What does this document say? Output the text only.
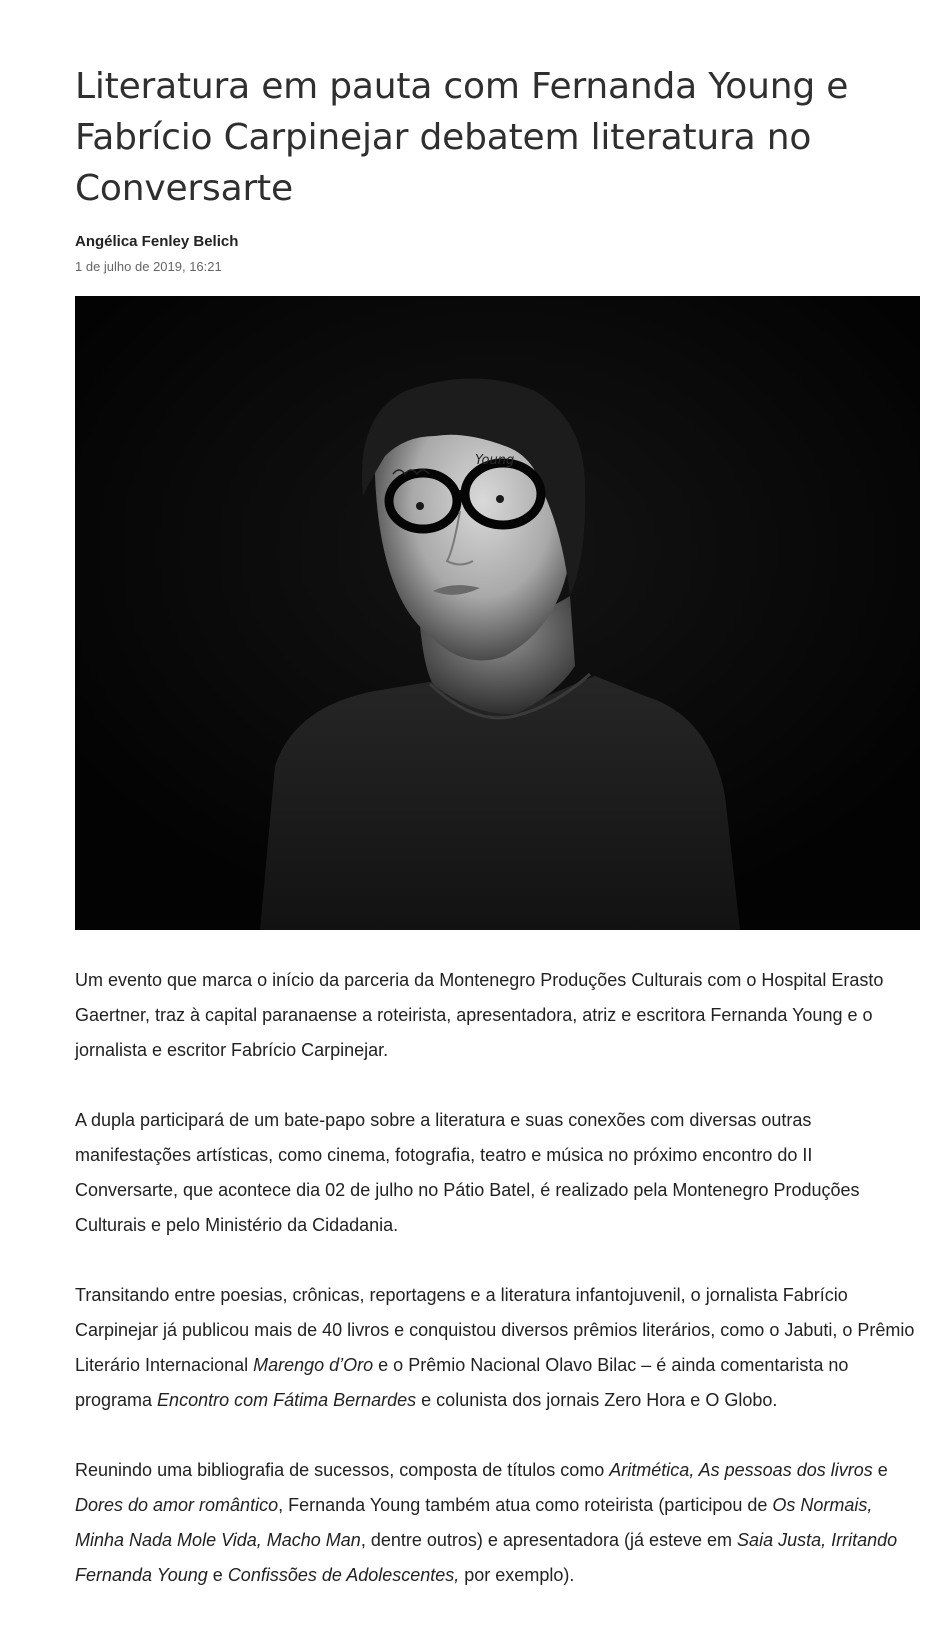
Literatura em pauta com Fernanda Young e Fabrício Carpinejar debatem literatura no Conversarte
Angélica Fenley Belich
1 de julho de 2019, 16:21
Young

Um evento que marca o início da parceria da Montenegro Produções Culturais com o Hospital Erasto Gaertner, traz à capital paranaense a roteirista, apresentadora, atriz e escritora Fernanda Young e o jornalista e escritor Fabrício Carpinejar.

A dupla participará de um bate-papo sobre a literatura e suas conexões com diversas outras manifestações artísticas, como cinema, fotografia, teatro e música no próximo encontro do II Conversarte, que acontece dia 02 de julho no Pátio Batel, é realizado pela Montenegro Produções Culturais e pelo Ministério da Cidadania.

Transitando entre poesias, crônicas, reportagens e a literatura infantojuvenil, o jornalista Fabrício Carpinejar já publicou mais de 40 livros e conquistou diversos prêmios literários, como o Jabuti, o Prêmio Literário Internacional Marengo d’Oro e o Prêmio Nacional Olavo Bilac – é ainda comentarista no programa Encontro com Fátima Bernardes e colunista dos jornais Zero Hora e O Globo.

Reunindo uma bibliografia de sucessos, composta de títulos como Aritmética, As pessoas dos livros e Dores do amor romântico, Fernanda Young também atua como roteirista (participou de Os Normais, Minha Nada Mole Vida, Macho Man, dentre outros) e apresentadora (já esteve em Saia Justa, Irritando Fernanda Young e Confissões de Adolescentes, por exemplo).
